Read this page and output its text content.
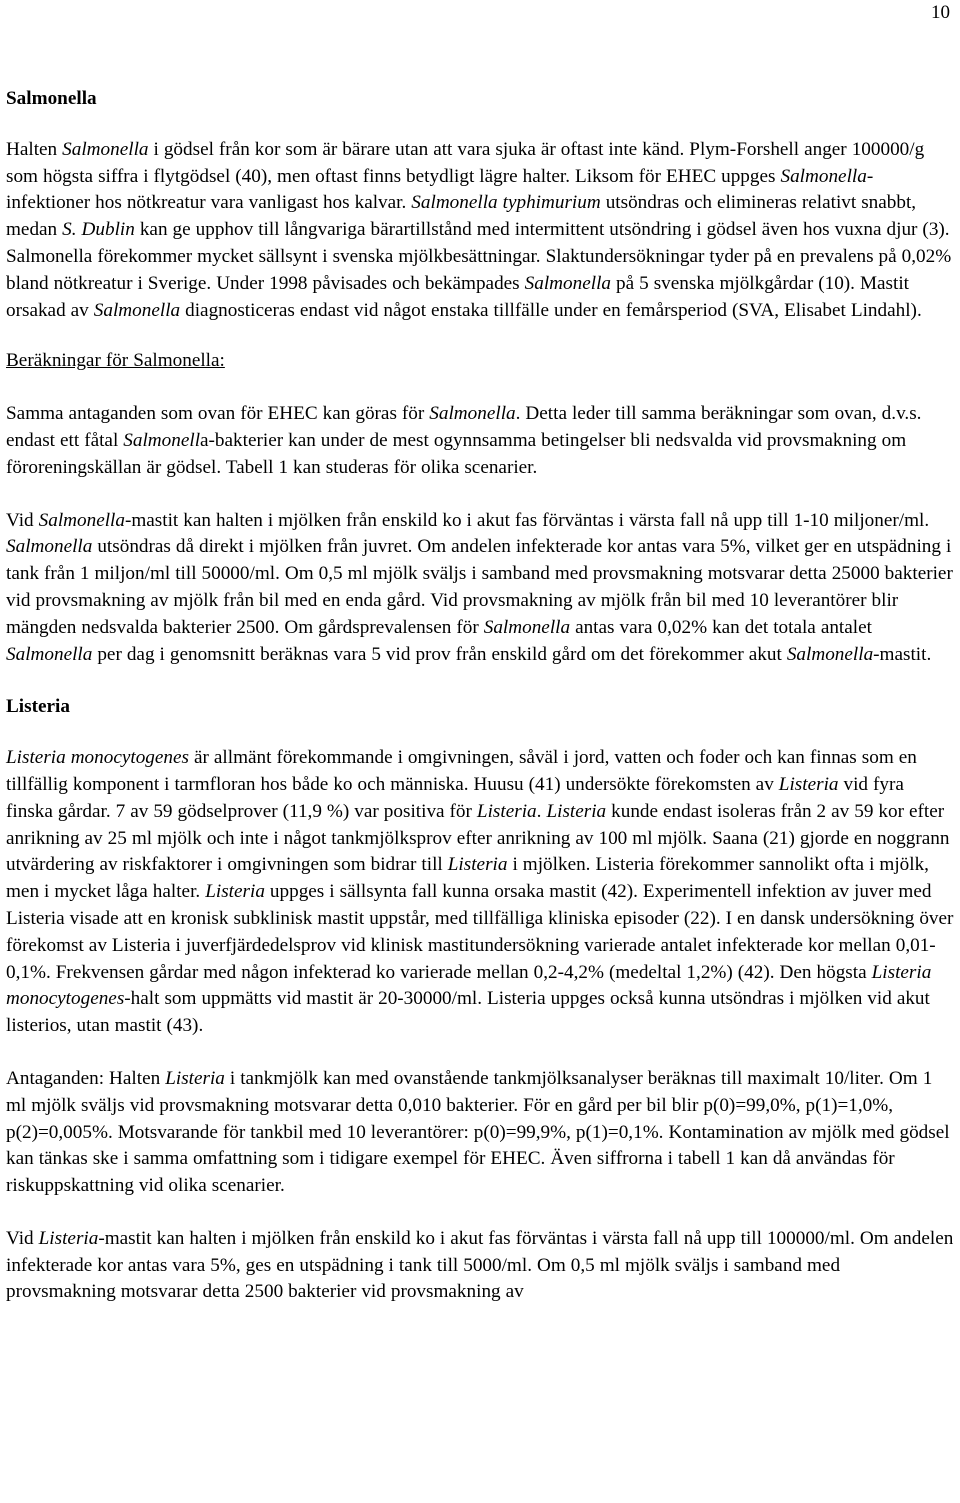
10

Salmonella

Halten Salmonella i gödsel från kor som är bärare utan att vara sjuka är oftast inte känd. Plym-Forshell anger 100000/g som högsta siffra i flytgödsel (40), men oftast finns betydligt lägre halter. Liksom för EHEC uppges Salmonella-infektioner hos nötkreatur vara vanligast hos kalvar. Salmonella typhimurium utsöndras och elimineras relativt snabbt, medan S. Dublin kan ge upphov till långvariga bärartillstånd med intermittent utsöndring i gödsel även hos vuxna djur (3). Salmonella förekommer mycket sällsynt i svenska mjölkbesättningar. Slaktundersökningar tyder på en prevalens på 0,02% bland nötkreatur i Sverige. Under 1998 påvisades och bekämpades Salmonella på 5 svenska mjölkgårdar (10). Mastit orsakad av Salmonella diagnosticeras endast vid något enstaka tillfälle under en femårsperiod (SVA, Elisabet Lindahl).

Beräkningar för Salmonella:

Samma antaganden som ovan för EHEC kan göras för Salmonella. Detta leder till samma beräkningar som ovan, d.v.s. endast ett fåtal Salmonella-bakterier kan under de mest ogynnsamma betingelser bli nedsvalda vid provsmakning om föroreningskällan är gödsel. Tabell 1 kan studeras för olika scenarier.

Vid Salmonella-mastit kan halten i mjölken från enskild ko i akut fas förväntas i värsta fall nå upp till 1-10 miljoner/ml. Salmonella utsöndras då direkt i mjölken från juvret. Om andelen infekterade kor antas vara 5%, vilket ger en utspädning i tank från 1 miljon/ml till 50000/ml. Om 0,5 ml mjölk sväljs i samband med provsmakning motsvarar detta 25000 bakterier vid provsmakning av mjölk från bil med en enda gård. Vid provsmakning av mjölk från bil med 10 leverantörer blir mängden nedsvalda bakterier 2500. Om gårdsprevalensen för Salmonella antas vara 0,02% kan det totala antalet Salmonella per dag i genomsnitt beräknas vara 5 vid prov från enskild gård om det förekommer akut Salmonella-mastit.

Listeria

Listeria monocytogenes är allmänt förekommande i omgivningen, såväl i jord, vatten och foder och kan finnas som en tillfällig komponent i tarmfloran hos både ko och människa. Huusu (41) undersökte förekomsten av Listeria vid fyra finska gårdar. 7 av 59 gödselprover (11,9 %) var positiva för Listeria. Listeria kunde endast isoleras från 2 av 59 kor efter anrikning av 25 ml mjölk och inte i något tankmjölksprov efter anrikning av 100 ml mjölk. Saana (21) gjorde en noggrann utvärdering av riskfaktorer i omgivningen som bidrar till Listeria i mjölken. Listeria förekommer sannolikt ofta i mjölk, men i mycket låga halter. Listeria uppges i sällsynta fall kunna orsaka mastit (42). Experimentell infektion av juver med Listeria visade att en kronisk subklinisk mastit uppstår, med tillfälliga kliniska episoder (22). I en dansk undersökning över förekomst av Listeria i juverfjärdedelsprov vid klinisk mastitundersökning varierade antalet infekterade kor mellan 0,01-0,1%. Frekvensen gårdar med någon infekterad ko varierade mellan 0,2-4,2% (medeltal 1,2%) (42). Den högsta Listeria monocytogenes-halt som uppmätts vid mastit är 20-30000/ml. Listeria uppges också kunna utsöndras i mjölken vid akut listerios, utan mastit (43).

Antaganden: Halten Listeria i tankmjölk kan med ovanstående tankmjölksanalyser beräknas till maximalt 10/liter. Om 1 ml mjölk sväljs vid provsmakning motsvarar detta 0,010 bakterier. För en gård per bil blir p(0)=99,0%, p(1)=1,0%, p(2)=0,005%. Motsvarande för tankbil med 10 leverantörer: p(0)=99,9%, p(1)=0,1%. Kontamination av mjölk med gödsel kan tänkas ske i samma omfattning som i tidigare exempel för EHEC. Även siffrorna i tabell 1 kan då användas för riskuppskattning vid olika scenarier.

Vid Listeria-mastit kan halten i mjölken från enskild ko i akut fas förväntas i värsta fall nå upp till 100000/ml. Om andelen infekterade kor antas vara 5%, ges en utspädning i tank till 5000/ml. Om 0,5 ml mjölk sväljs i samband med provsmakning motsvarar detta 2500 bakterier vid provsmakning av
